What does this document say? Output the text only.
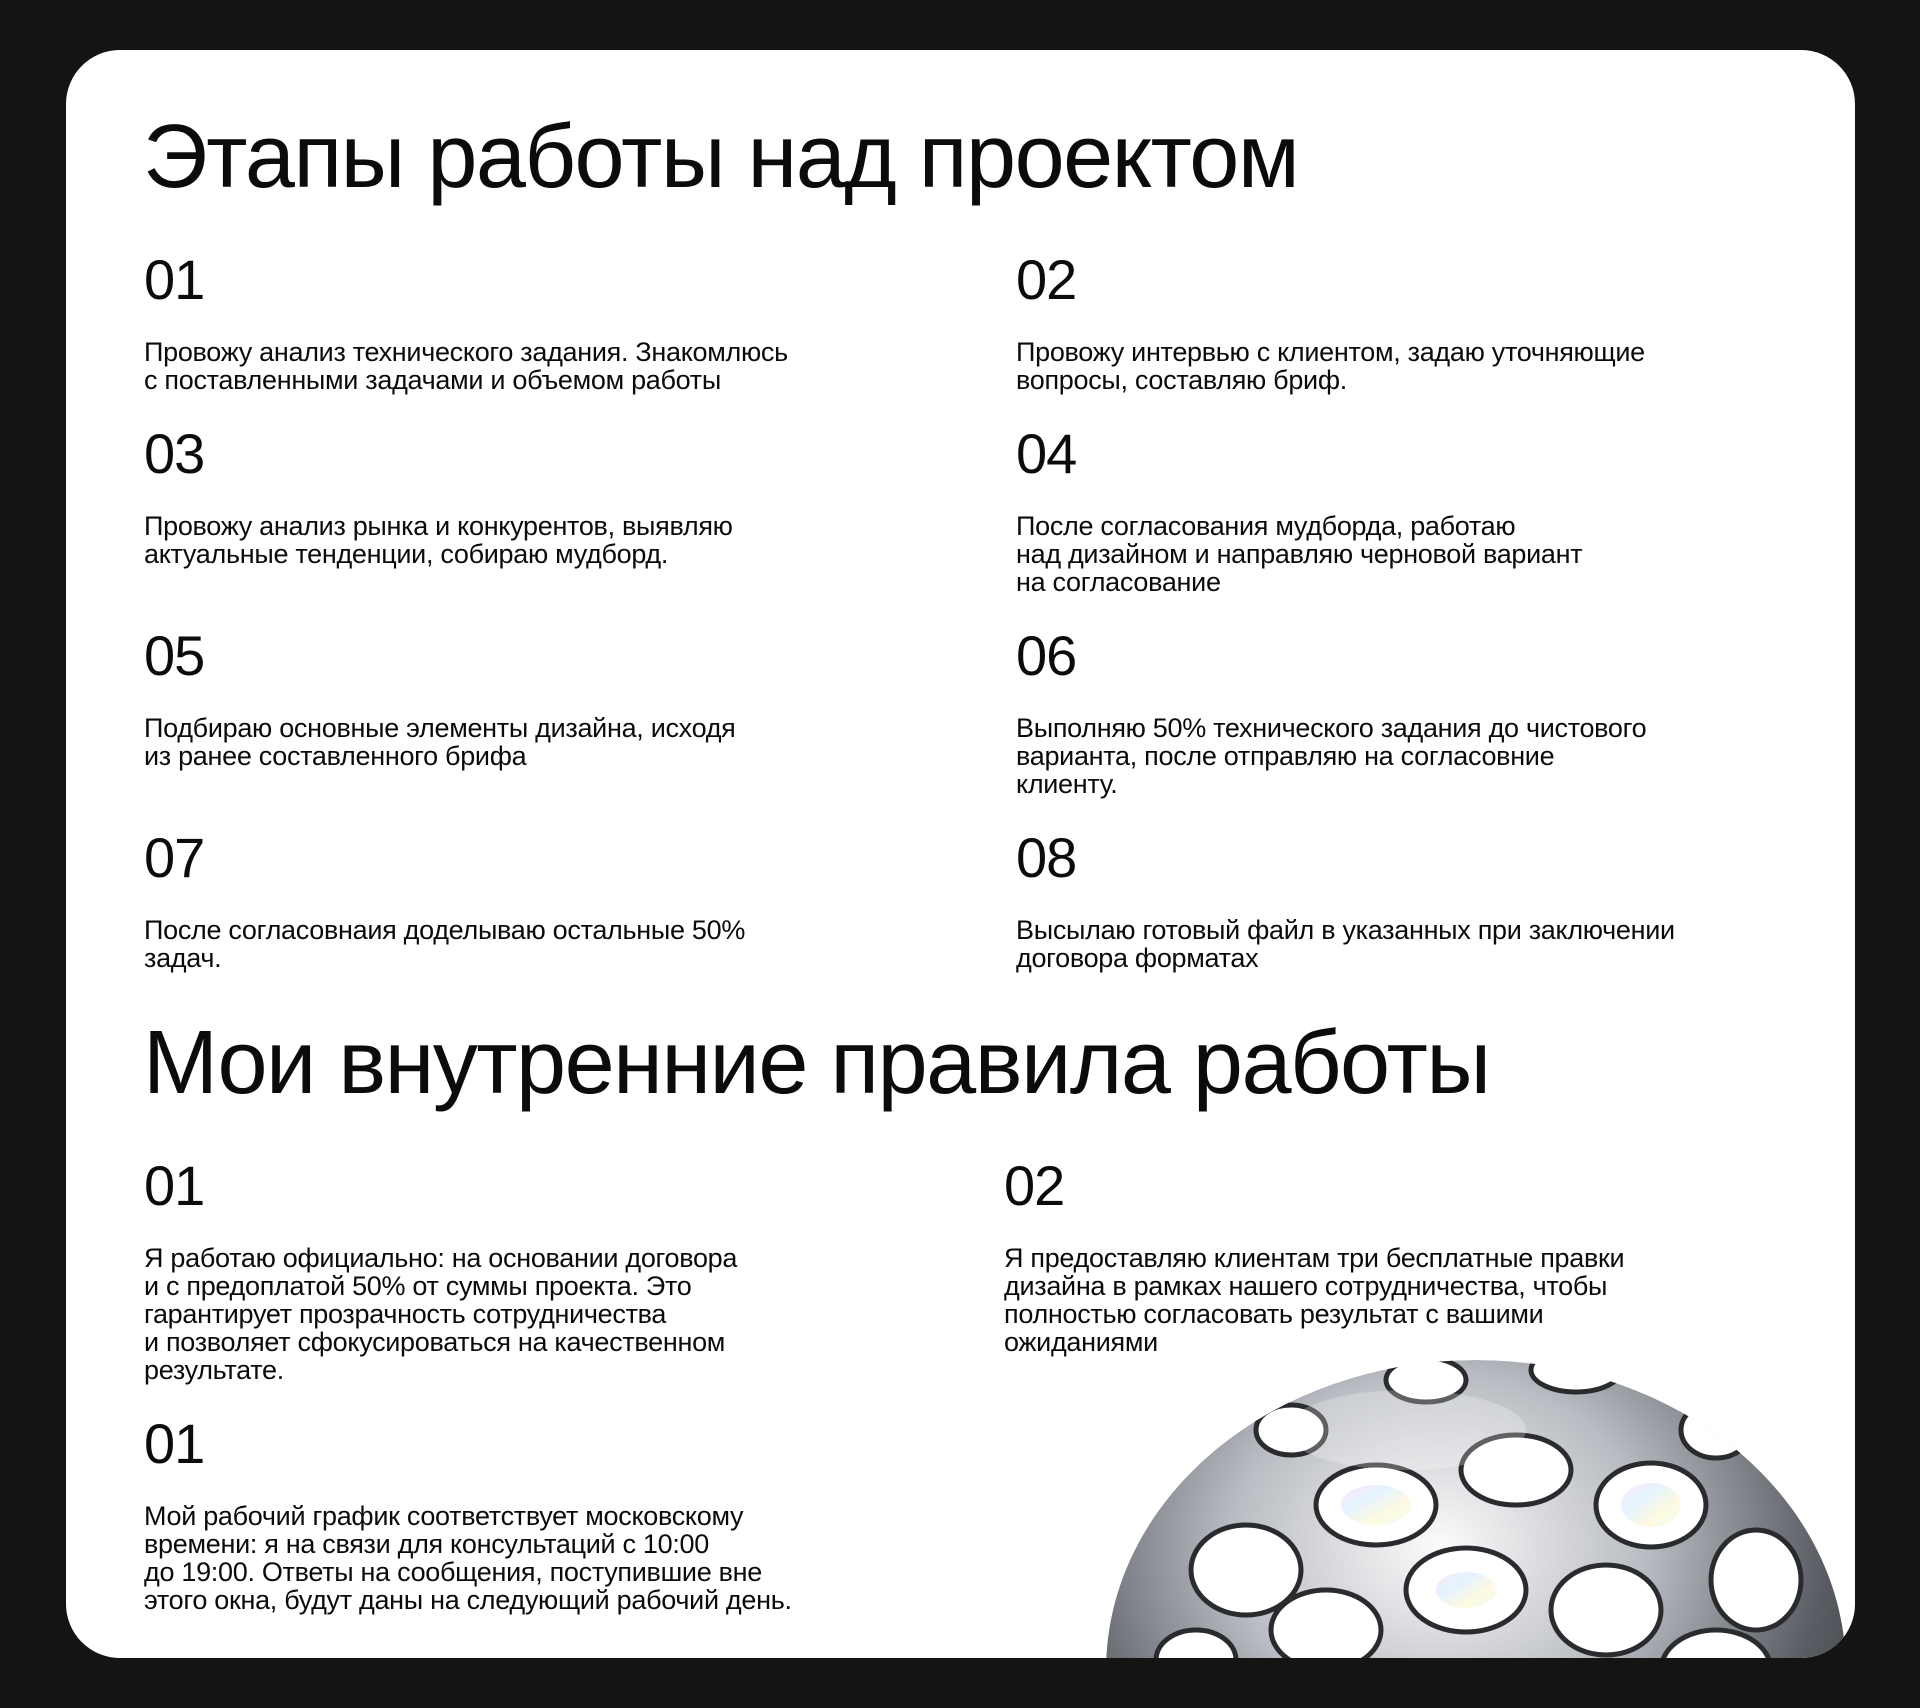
Этапы работы над проектом
01

Провожу анализ технического задания. Знакомлюсь
с поставленными задачами и объемом работы

02

Провожу интервью с клиентом, задаю уточняющие
вопросы, составляю бриф.

03

Провожу анализ рынка и конкурентов, выявляю
актуальные тенденции, собираю мудборд.

04

После согласования мудборда, работаю
над дизайном и направляю черновой вариант
на согласование

05

Подбираю основные элементы дизайна, исходя
из ранее составленного брифа

06

Выполняю 50% технического задания до чистового
варианта, после отправляю на согласовние
клиенту.

07

После согласовнаия доделываю остальные 50%
задач.

08

Высылаю готовый файл в указанных при заключении
договора форматах

Мои внутренние правила работы
01

Я работаю официально: на основании договора
и с предоплатой 50% от суммы проекта. Это
гарантирует прозрачность сотрудничества
и позволяет сфокусироваться на качественном
результате.

02

Я предоставляю клиентам три бесплатные правки
дизайна в рамках нашего сотрудничества, чтобы
полностью согласовать результат с вашими
ожиданиями

01

Мой рабочий график соответствует московскому
времени: я на связи для консультаций с 10:00
до 19:00. Ответы на сообщения, поступившие вне
этого окна, будут даны на следующий рабочий день.
